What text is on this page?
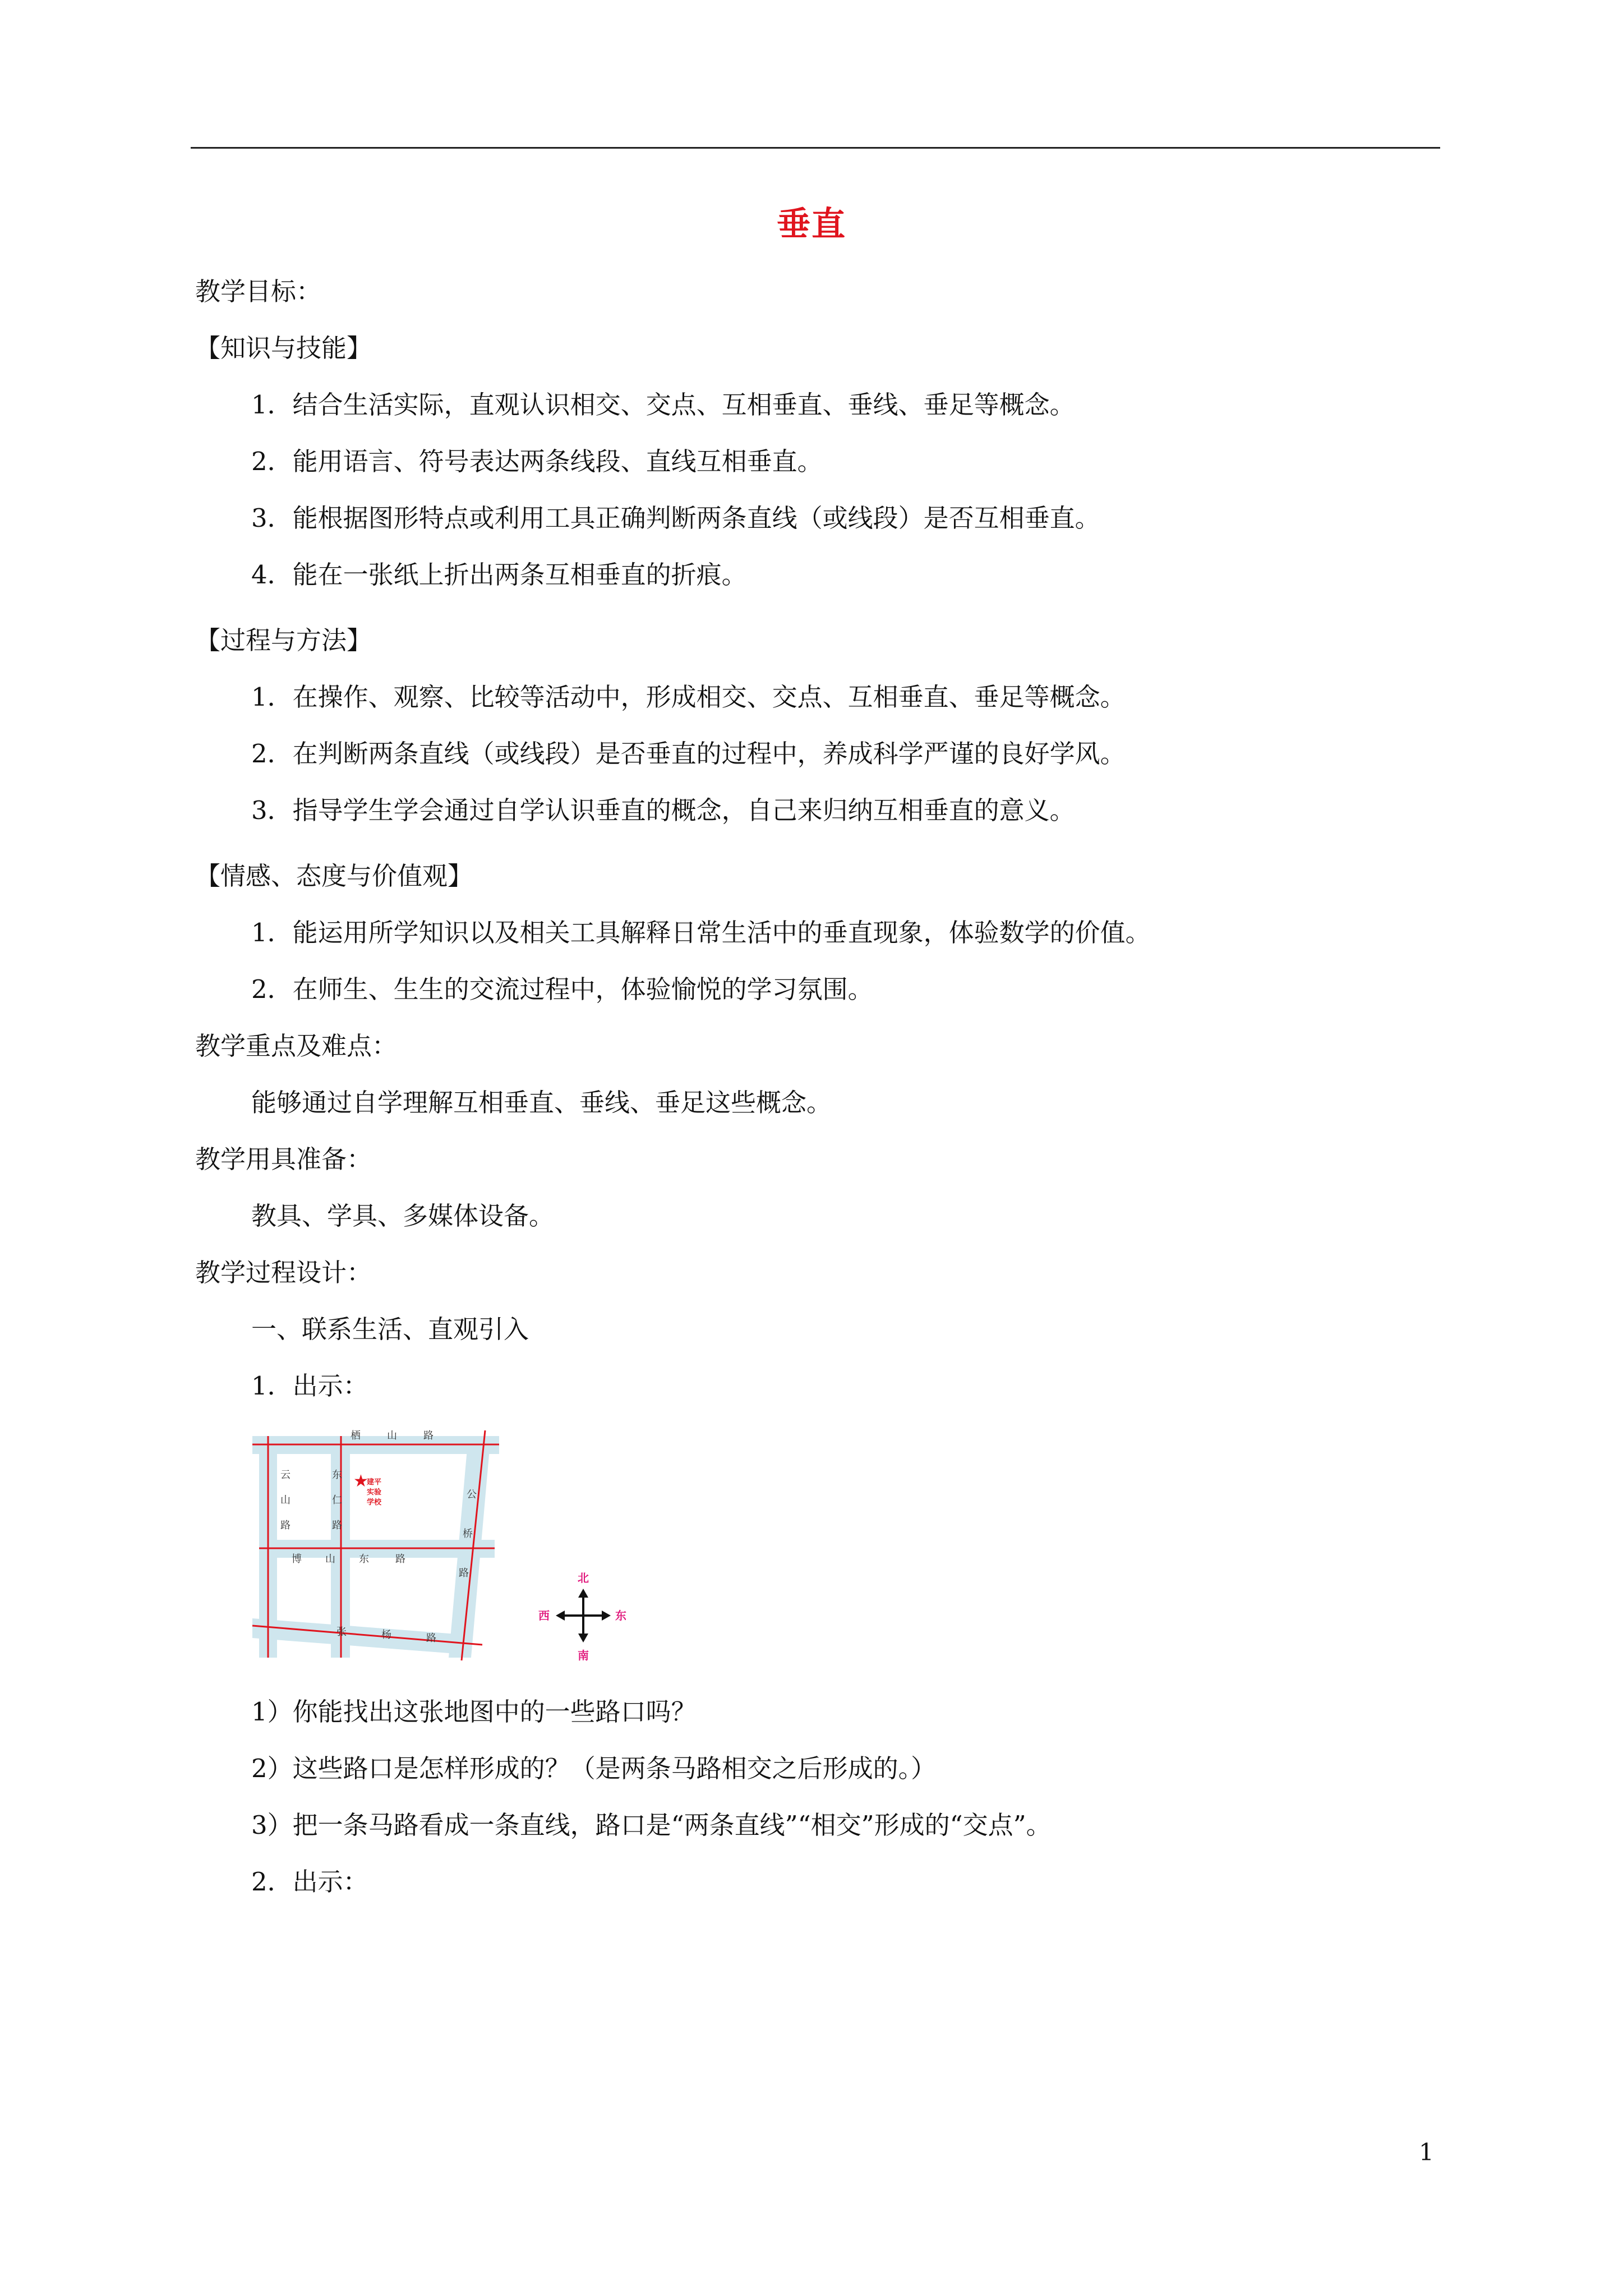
垂直
教学目标：
【知识与技能】
1．结合生活实际，直观认识相交、交点、互相垂直、垂线、垂足等概念。
2．能用语言、符号表达两条线段、直线互相垂直。
3．能根据图形特点或利用工具正确判断两条直线（或线段）是否互相垂直。
4．能在一张纸上折出两条互相垂直的折痕。
【过程与方法】
1．在操作、观察、比较等活动中，形成相交、交点、互相垂直、垂足等概念。
2．在判断两条直线（或线段）是否垂直的过程中，养成科学严谨的良好学风。
3．指导学生学会通过自学认识垂直的概念，自己来归纳互相垂直的意义。
【情感、态度与价值观】
1．能运用所学知识以及相关工具解释日常生活中的垂直现象，体验数学的价值。
2．在师生、生生的交流过程中，体验愉悦的学习氛围。
教学重点及难点：
能够通过自学理解互相垂直、垂线、垂足这些概念。
教学用具准备：
教具、学具、多媒体设备。
教学过程设计：
一、联系生活、直观引入
1．出示：
栖	山	路
云
山
路
东
仁
路
公
桥
路
博 山 东	路
张	杨	路
★
建平
实验
学校
北
南
西	东
1）你能找出这张地图中的一些路口吗？
2）这些路口是怎样形成的？（是两条马路相交之后形成的。）
3）把一条马路看成一条直线，路口是“两条直线”“相交”形成的“交点”。
2．出示：
1
